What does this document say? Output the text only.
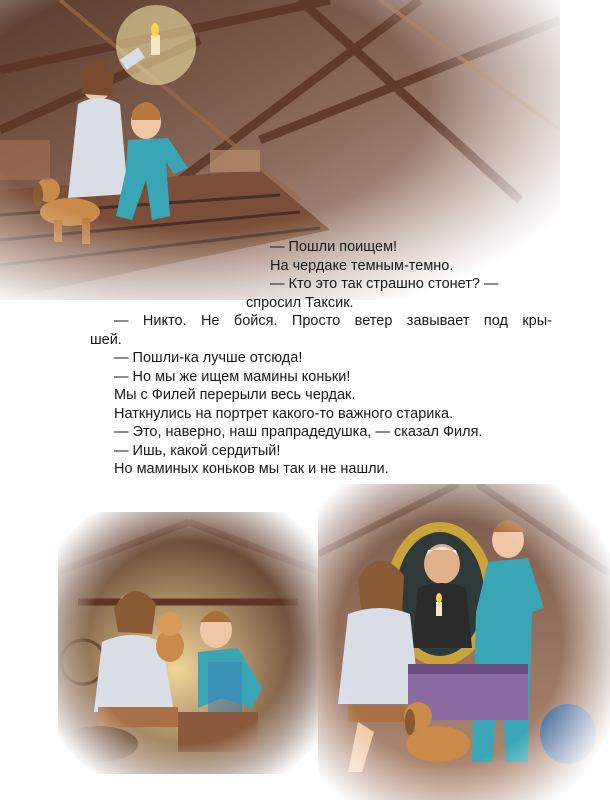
— Пошли поищем!

На чердаке темным-темно.

— Кто это так страшно стонет? —

спросил Таксик.

— Никто. Не бойся. Просто ветер завывает под кры-

шей.

— Пошли-ка лучше отсюда!

— Но мы же ищем мамины коньки!

Мы с Филей перерыли весь чердак.

Наткнулись на портрет какого-то важного старика.

— Это, наверно, наш прапрадедушка, — сказал Филя.

— Ишь, какой сердитый!

Но маминых коньков мы так и не нашли.
